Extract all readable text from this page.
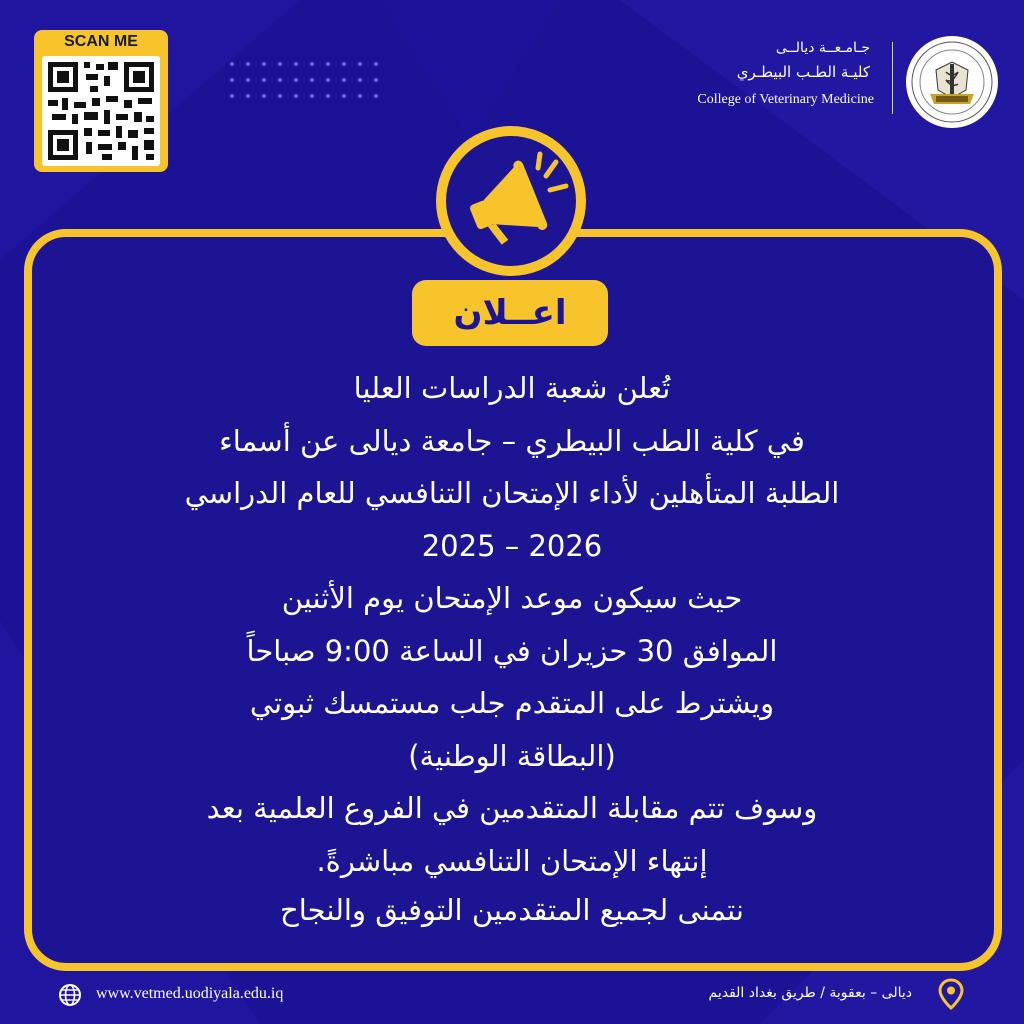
SCAN ME	جـامـعــة ديالــى
كليـة الطـب البيطـري
College of Veterinary Medicine
اعــلان
تُعلن شعبة الدراسات العليا
في كلية الطب البيطري – جامعة ديالى عن أسماء
الطلبة المتأهلين لأداء الإمتحان التنافسي للعام الدراسي
2025 – 2026
حيث سيكون موعد الإمتحان يوم الأثنين
الموافق 30 حزيران في الساعة 9:00 صباحاً
ويشترط على المتقدم جلب مستمسك ثبوتي
(البطاقة الوطنية)
وسوف تتم مقابلة المتقدمين في الفروع العلمية بعد
إنتهاء الإمتحان التنافسي مباشرةً.
نتمنى لجميع المتقدمين التوفيق والنجاح
www.vetmed.uodiyala.edu.iq	ديالى – بعقوبة / طريق بغداد القديم
